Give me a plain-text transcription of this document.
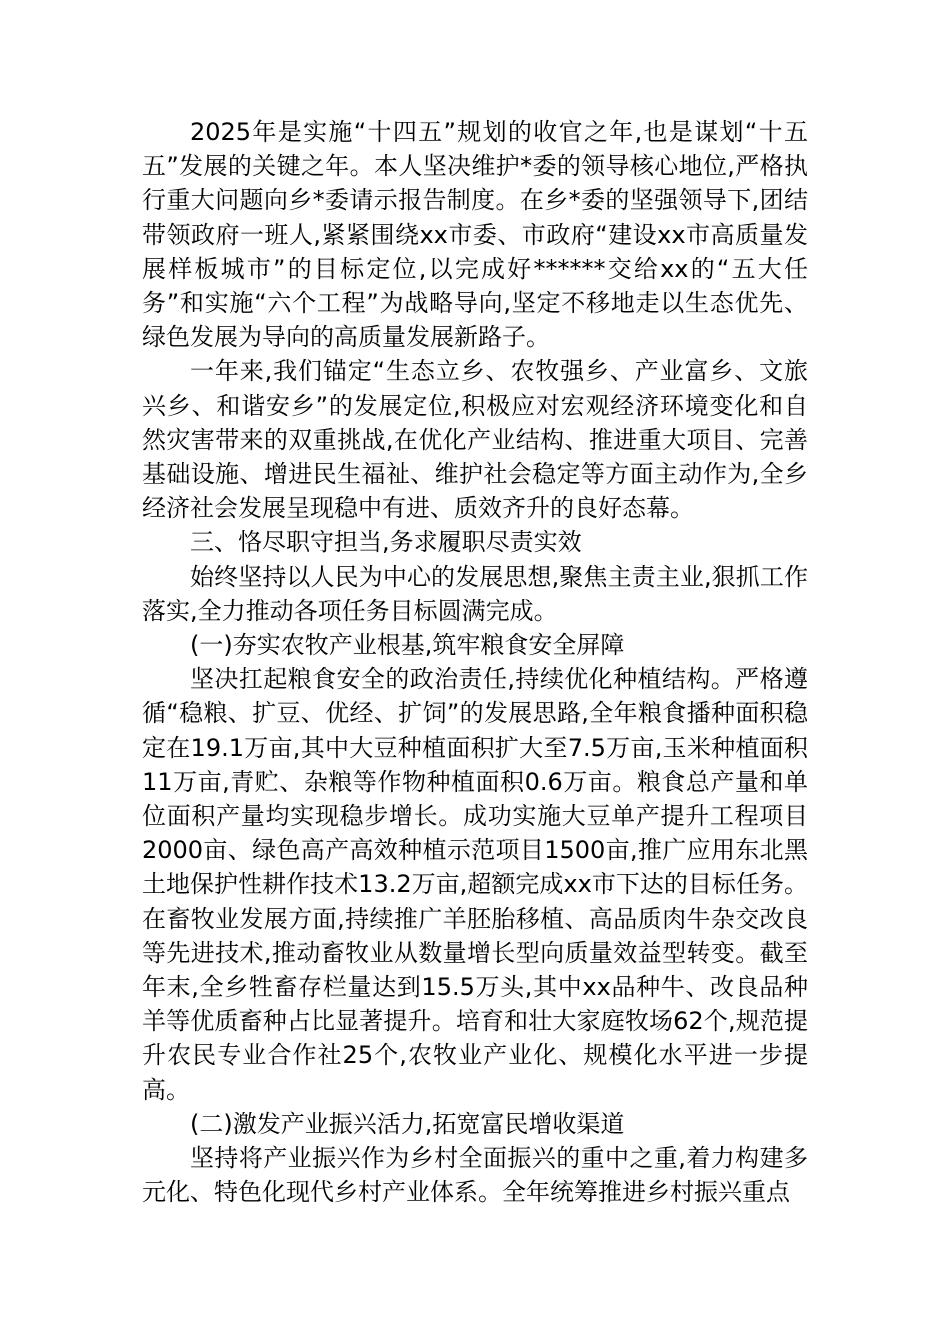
2025年是实施“十四五”规划的收官之年,也是谋划“十五五”发展的关键之年。本人坚决维护*委的领导核心地位,严格执行重大问题向乡*委请示报告制度。在乡*委的坚强领导下,团结带领政府一班人,紧紧围绕xx市委、市政府“建设xx市高质量发展样板城市”的目标定位,以完成好******交给xx的“五大任务”和实施“六个工程”为战略导向,坚定不移地走以生态优先、绿色发展为导向的高质量发展新路子。

一年来,我们锚定“生态立乡、农牧强乡、产业富乡、文旅兴乡、和谐安乡”的发展定位,积极应对宏观经济环境变化和自然灾害带来的双重挑战,在优化产业结构、推进重大项目、完善基础设施、增进民生福祉、维护社会稳定等方面主动作为,全乡经济社会发展呈现稳中有进、质效齐升的良好态幕。

三、恪尽职守担当,务求履职尽责实效

始终坚持以人民为中心的发展思想,聚焦主责主业,狠抓工作落实,全力推动各项任务目标圆满完成。

(一)夯实农牧产业根基,筑牢粮食安全屏障

坚决扛起粮食安全的政治责任,持续优化种植结构。严格遵循“稳粮、扩豆、优经、扩饲”的发展思路,全年粮食播种面积稳定在19.1万亩,其中大豆种植面积扩大至7.5万亩,玉米种植面积11万亩,青贮、杂粮等作物种植面积0.6万亩。粮食总产量和单位面积产量均实现稳步增长。成功实施大豆单产提升工程项目2000亩、绿色高产高效种植示范项目1500亩,推广应用东北黑土地保护性耕作技术13.2万亩,超额完成xx市下达的目标任务。在畜牧业发展方面,持续推广羊胚胎移植、高品质肉牛杂交改良等先进技术,推动畜牧业从数量增长型向质量效益型转变。截至年末,全乡牲畜存栏量达到15.5万头,其中xx品种牛、改良品种羊等优质畜种占比显著提升。培育和壮大家庭牧场62个,规范提升农民专业合作社25个,农牧业产业化、规模化水平进一步提高。

(二)激发产业振兴活力,拓宽富民增收渠道

坚持将产业振兴作为乡村全面振兴的重中之重,着力构建多元化、特色化现代乡村产业体系。全年统筹推进乡村振兴重点
